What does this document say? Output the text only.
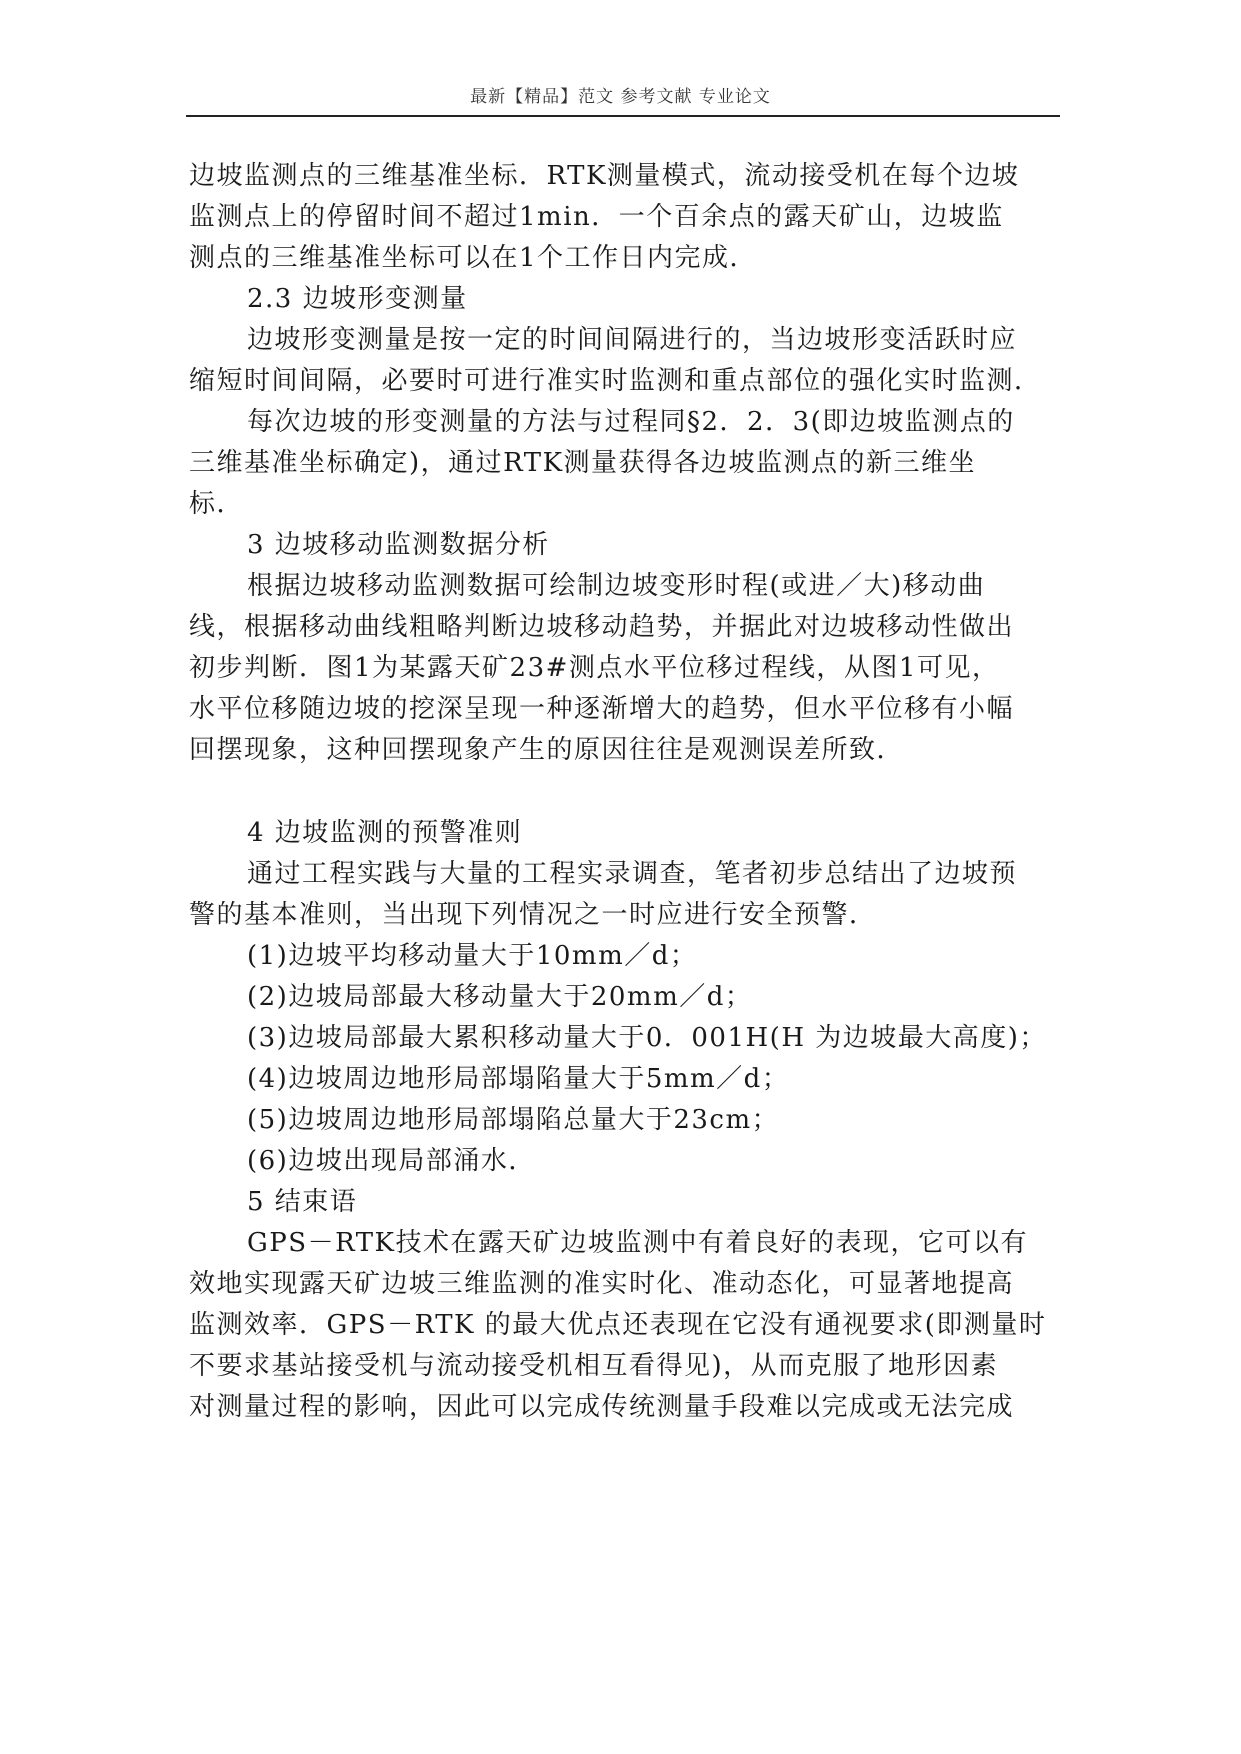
最新【精品】范文 参考文献 专业论文
边坡监测点的三维基准坐标．RTK测量模式，流动接受机在每个边坡
监测点上的停留时间不超过1min．一个百余点的露天矿山，边坡监
测点的三维基准坐标可以在1个工作日内完成．
2.3 边坡形变测量
边坡形变测量是按一定的时间间隔进行的，当边坡形变活跃时应
缩短时间间隔，必要时可进行准实时监测和重点部位的强化实时监测．
每次边坡的形变测量的方法与过程同§2．2．3(即边坡监测点的
三维基准坐标确定)，通过RTK测量获得各边坡监测点的新三维坐
标．
3 边坡移动监测数据分析
根据边坡移动监测数据可绘制边坡变形时程(或进／大)移动曲
线，根据移动曲线粗略判断边坡移动趋势，并据此对边坡移动性做出
初步判断．图1为某露天矿23#测点水平位移过程线，从图1可见，
水平位移随边坡的挖深呈现一种逐渐增大的趋势，但水平位移有小幅
回摆现象，这种回摆现象产生的原因往往是观测误差所致．
4 边坡监测的预警准则
通过工程实践与大量的工程实录调查，笔者初步总结出了边坡预
警的基本准则，当出现下列情况之一时应进行安全预警．
(1)边坡平均移动量大于10mm／d；
(2)边坡局部最大移动量大于20mm／d；
(3)边坡局部最大累积移动量大于0．001H(H 为边坡最大高度)；
(4)边坡周边地形局部塌陷量大于5mm／d；
(5)边坡周边地形局部塌陷总量大于23cm；
(6)边坡出现局部涌水．
5 结束语
GPS－RTK技术在露天矿边坡监测中有着良好的表现，它可以有
效地实现露天矿边坡三维监测的准实时化、准动态化，可显著地提高
监测效率．GPS－RTK 的最大优点还表现在它没有通视要求(即测量时
不要求基站接受机与流动接受机相互看得见)，从而克服了地形因素
对测量过程的影响，因此可以完成传统测量手段难以完成或无法完成
